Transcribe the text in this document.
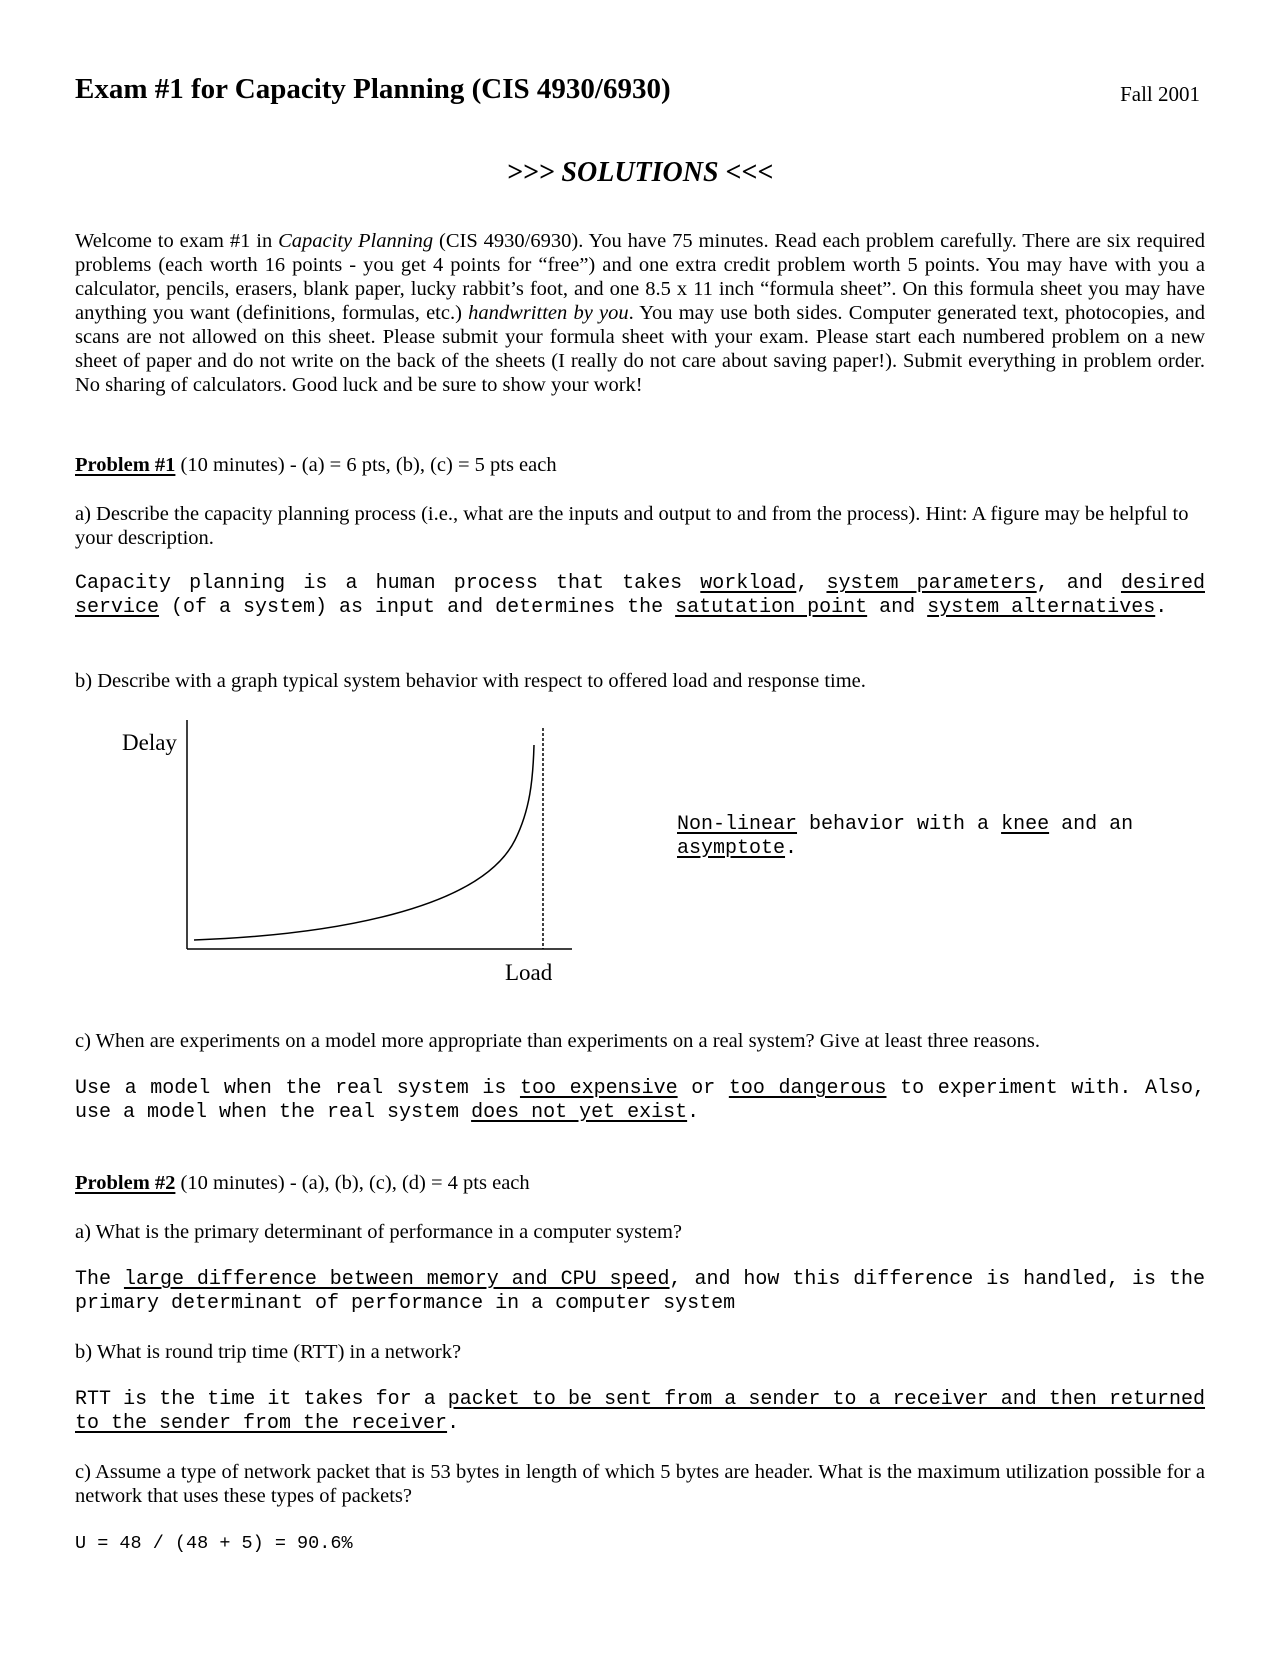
Exam #1 for Capacity Planning (CIS 4930/6930)	Fall 2001
>>> SOLUTIONS <<<
Welcome to exam #1 in Capacity Planning (CIS 4930/6930). You have 75 minutes. Read each problem carefully. There are six required problems (each worth 16 points - you get 4 points for “free”) and one extra credit problem worth 5 points. You may have with you a calculator, pencils, erasers, blank paper, lucky rabbit’s foot, and one 8.5 x 11 inch “formula sheet”. On this formula sheet you may have anything you want (definitions, formulas, etc.) handwritten by you. You may use both sides. Computer generated text, photocopies, and scans are not allowed on this sheet. Please submit your formula sheet with your exam. Please start each numbered problem on a new sheet of paper and do not write on the back of the sheets (I really do not care about saving paper!). Submit everything in problem order. No sharing of calculators. Good luck and be sure to show your work!
Problem #1 (10 minutes) - (a) = 6 pts, (b), (c) = 5 pts each
a) Describe the capacity planning process (i.e., what are the inputs and output to and from the process). Hint: A figure may be helpful to your description.
Capacity planning is a human process that takes workload, system parameters, and desired service (of a system) as input and determines the satutation point and system alternatives.
b) Describe with a graph typical system behavior with respect to offered load and response time.
Delay
Load
Non-linear behavior with a knee and an asymptote.
c) When are experiments on a model more appropriate than experiments on a real system? Give at least three reasons.
Use a model when the real system is too expensive or too dangerous to experiment with. Also, use a model when the real system does not yet exist.
Problem #2 (10 minutes) - (a), (b), (c), (d) = 4 pts each
a) What is the primary determinant of performance in a computer system?
The large difference between memory and CPU speed, and how this difference is handled, is the primary determinant of performance in a computer system
b) What is round trip time (RTT) in a network?
RTT is the time it takes for a packet to be sent from a sender to a receiver and then returned to the sender from the receiver.
c) Assume a type of network packet that is 53 bytes in length of which 5 bytes are header. What is the maximum utilization possible for a network that uses these types of packets?
U = 48 / (48 + 5) = 90.6%
